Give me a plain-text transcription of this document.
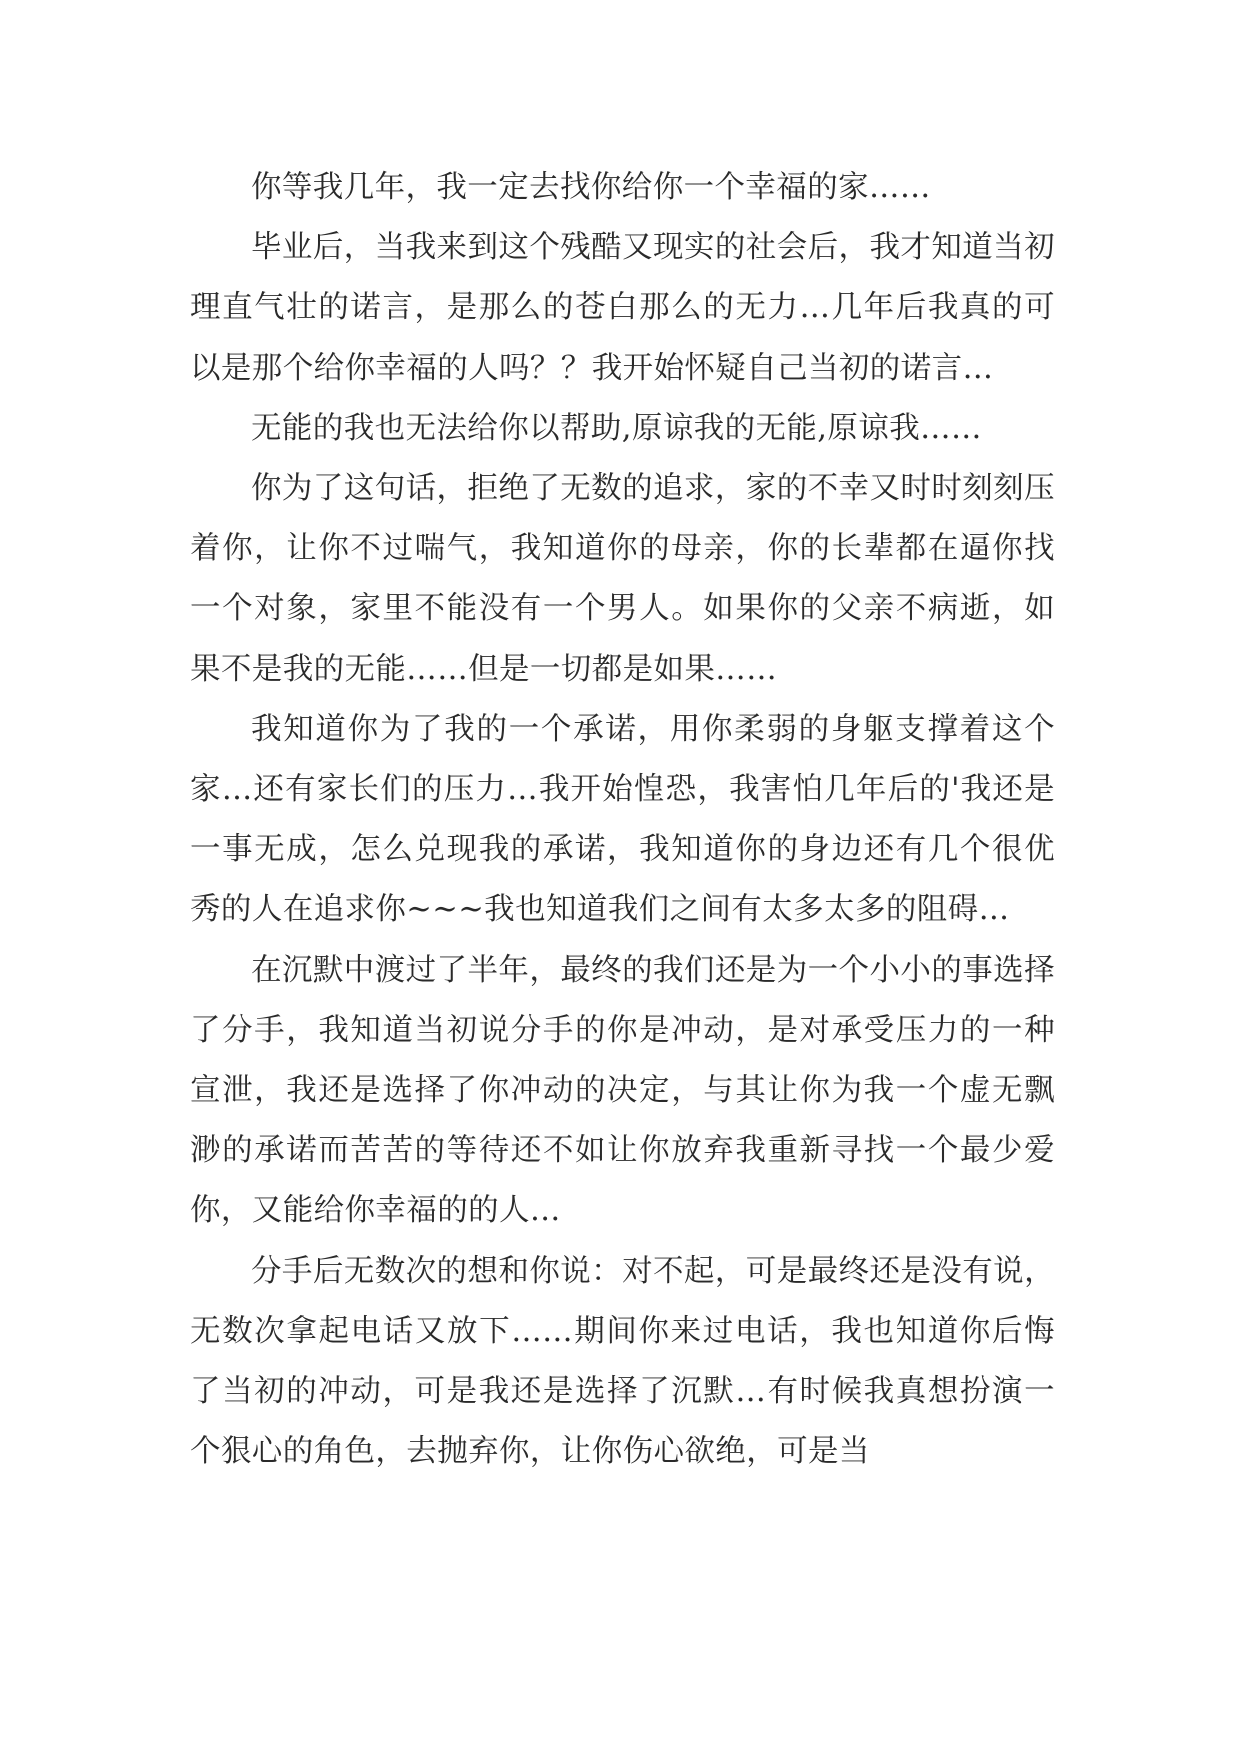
你等我几年，我一定去找你给你一个幸福的家……

毕业后，当我来到这个残酷又现实的社会后，我才知道当初理直气壮的诺言，是那么的苍白那么的无力…几年后我真的可以是那个给你幸福的人吗？？我开始怀疑自己当初的诺言…

无能的我也无法给你以帮助,原谅我的无能,原谅我……

你为了这句话，拒绝了无数的追求，家的不幸又时时刻刻压着你，让你不过喘气，我知道你的母亲，你的长辈都在逼你找一个对象，家里不能没有一个男人。如果你的父亲不病逝，如果不是我的无能……但是一切都是如果……

我知道你为了我的一个承诺，用你柔弱的身躯支撑着这个家…还有家长们的压力…我开始惶恐，我害怕几年后的'我还是一事无成，怎么兑现我的承诺，我知道你的身边还有几个很优秀的人在追求你~~~我也知道我们之间有太多太多的阻碍…

在沉默中渡过了半年，最终的我们还是为一个小小的事选择了分手，我知道当初说分手的你是冲动，是对承受压力的一种宣泄，我还是选择了你冲动的决定，与其让你为我一个虚无飘渺的承诺而苦苦的等待还不如让你放弃我重新寻找一个最少爱你，又能给你幸福的的人…

分手后无数次的想和你说：对不起，可是最终还是没有说，无数次拿起电话又放下……期间你来过电话，我也知道你后悔了当初的冲动，可是我还是选择了沉默…有时候我真想扮演一个狠心的角色，去抛弃你，让你伤心欲绝，可是当
